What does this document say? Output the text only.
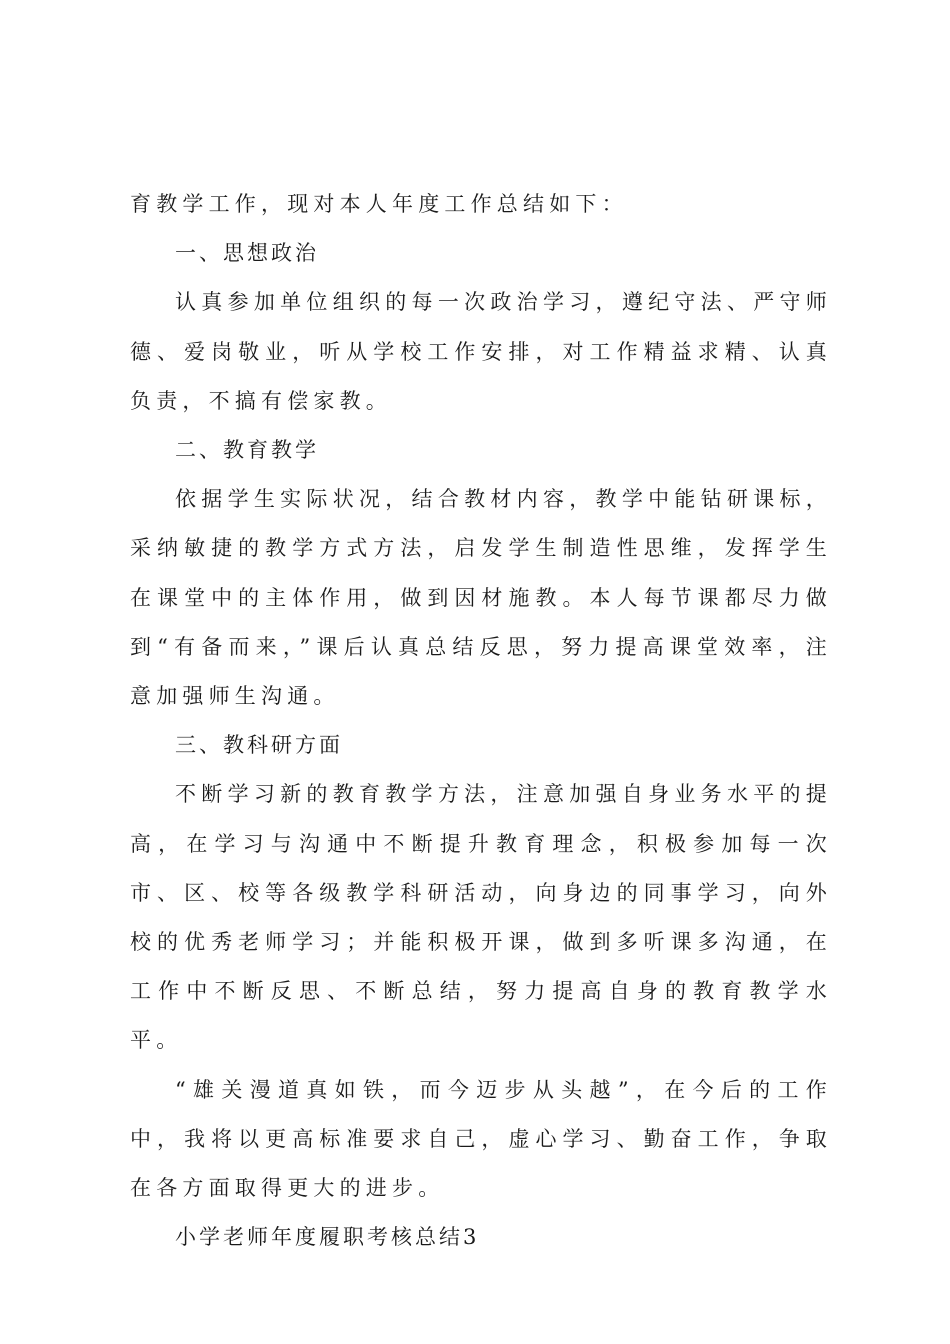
育教学工作，现对本人年度工作总结如下：

一、思想政治

认真参加单位组织的每一次政治学习，遵纪守法、严守师德、爱岗敬业，听从学校工作安排，对工作精益求精、认真负责，不搞有偿家教。

二、教育教学

依据学生实际状况，结合教材内容，教学中能钻研课标，采纳敏捷的教学方式方法，启发学生制造性思维，发挥学生在课堂中的主体作用，做到因材施教。本人每节课都尽力做到“有备而来，”课后认真总结反思，努力提高课堂效率，注意加强师生沟通。

三、教科研方面

不断学习新的教育教学方法，注意加强自身业务水平的提高，在学习与沟通中不断提升教育理念，积极参加每一次市、区、校等各级教学科研活动，向身边的同事学习，向外校的优秀老师学习；并能积极开课，做到多听课多沟通，在工作中不断反思、不断总结，努力提高自身的教育教学水平。

“雄关漫道真如铁，而今迈步从头越”，在今后的工作中，我将以更高标准要求自己，虚心学习、勤奋工作，争取在各方面取得更大的进步。

小学老师年度履职考核总结3
